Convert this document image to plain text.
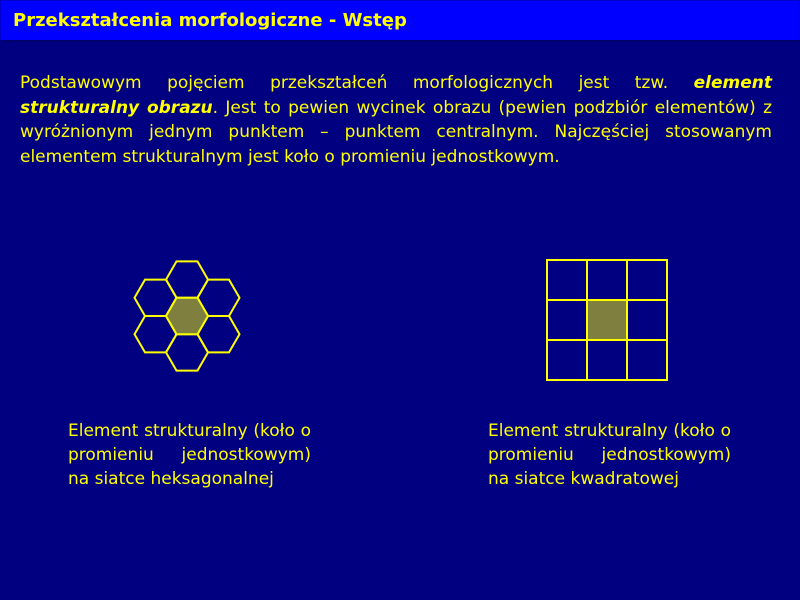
Przekształcenia morfologiczne - Wstęp

Podstawowym pojęciem przekształceń morfologicznych jest tzw. element strukturalny obrazu. Jest to pewien wycinek obrazu (pewien podzbiór elementów) z wyróżnionym jednym punktem – punktem centralnym. Najczęściej stosowanym elementem strukturalnym jest koło o promieniu jednostkowym.

Element strukturalny (koło o promieniu jednostkowym) na siatce heksagonalnej

Element strukturalny (koło o promieniu jednostkowym) na siatce kwadratowej
